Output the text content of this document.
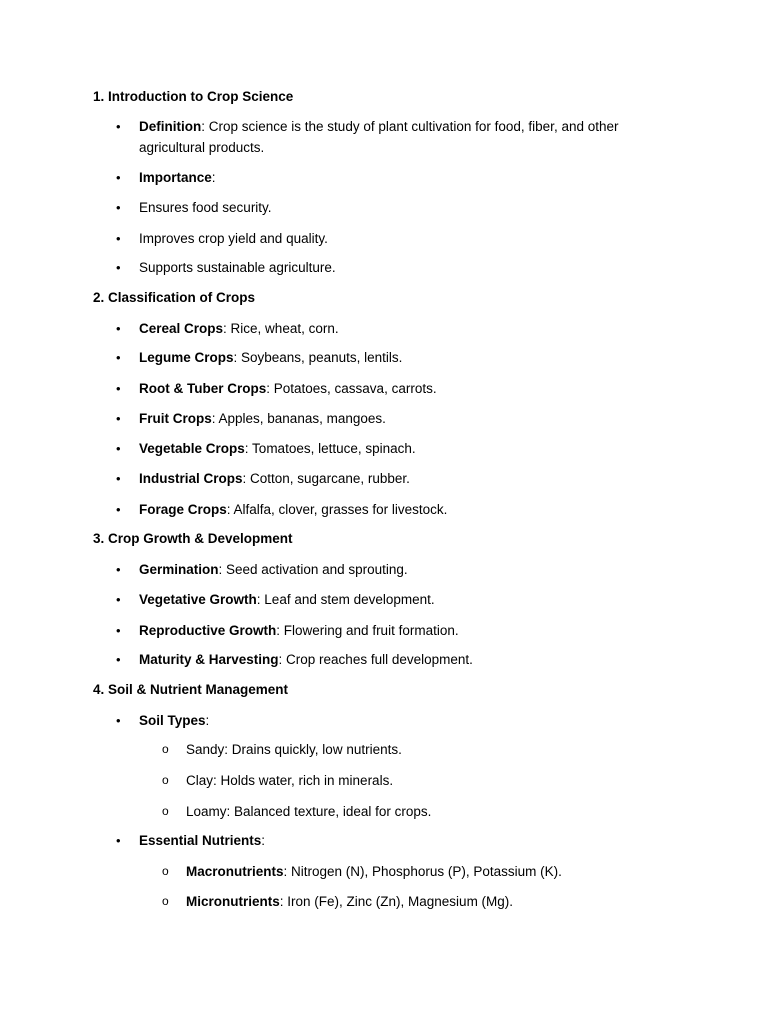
1. Introduction to Crop Science
• Definition: Crop science is the study of plant cultivation for food, fiber, and other agricultural products.
• Importance:
• Ensures food security.
• Improves crop yield and quality.
• Supports sustainable agriculture.
2. Classification of Crops
• Cereal Crops: Rice, wheat, corn.
• Legume Crops: Soybeans, peanuts, lentils.
• Root & Tuber Crops: Potatoes, cassava, carrots.
• Fruit Crops: Apples, bananas, mangoes.
• Vegetable Crops: Tomatoes, lettuce, spinach.
• Industrial Crops: Cotton, sugarcane, rubber.
• Forage Crops: Alfalfa, clover, grasses for livestock.
3. Crop Growth & Development
• Germination: Seed activation and sprouting.
• Vegetative Growth: Leaf and stem development.
• Reproductive Growth: Flowering and fruit formation.
• Maturity & Harvesting: Crop reaches full development.
4. Soil & Nutrient Management
• Soil Types:
o Sandy: Drains quickly, low nutrients.
o Clay: Holds water, rich in minerals.
o Loamy: Balanced texture, ideal for crops.
• Essential Nutrients:
o Macronutrients: Nitrogen (N), Phosphorus (P), Potassium (K).
o Micronutrients: Iron (Fe), Zinc (Zn), Magnesium (Mg).
